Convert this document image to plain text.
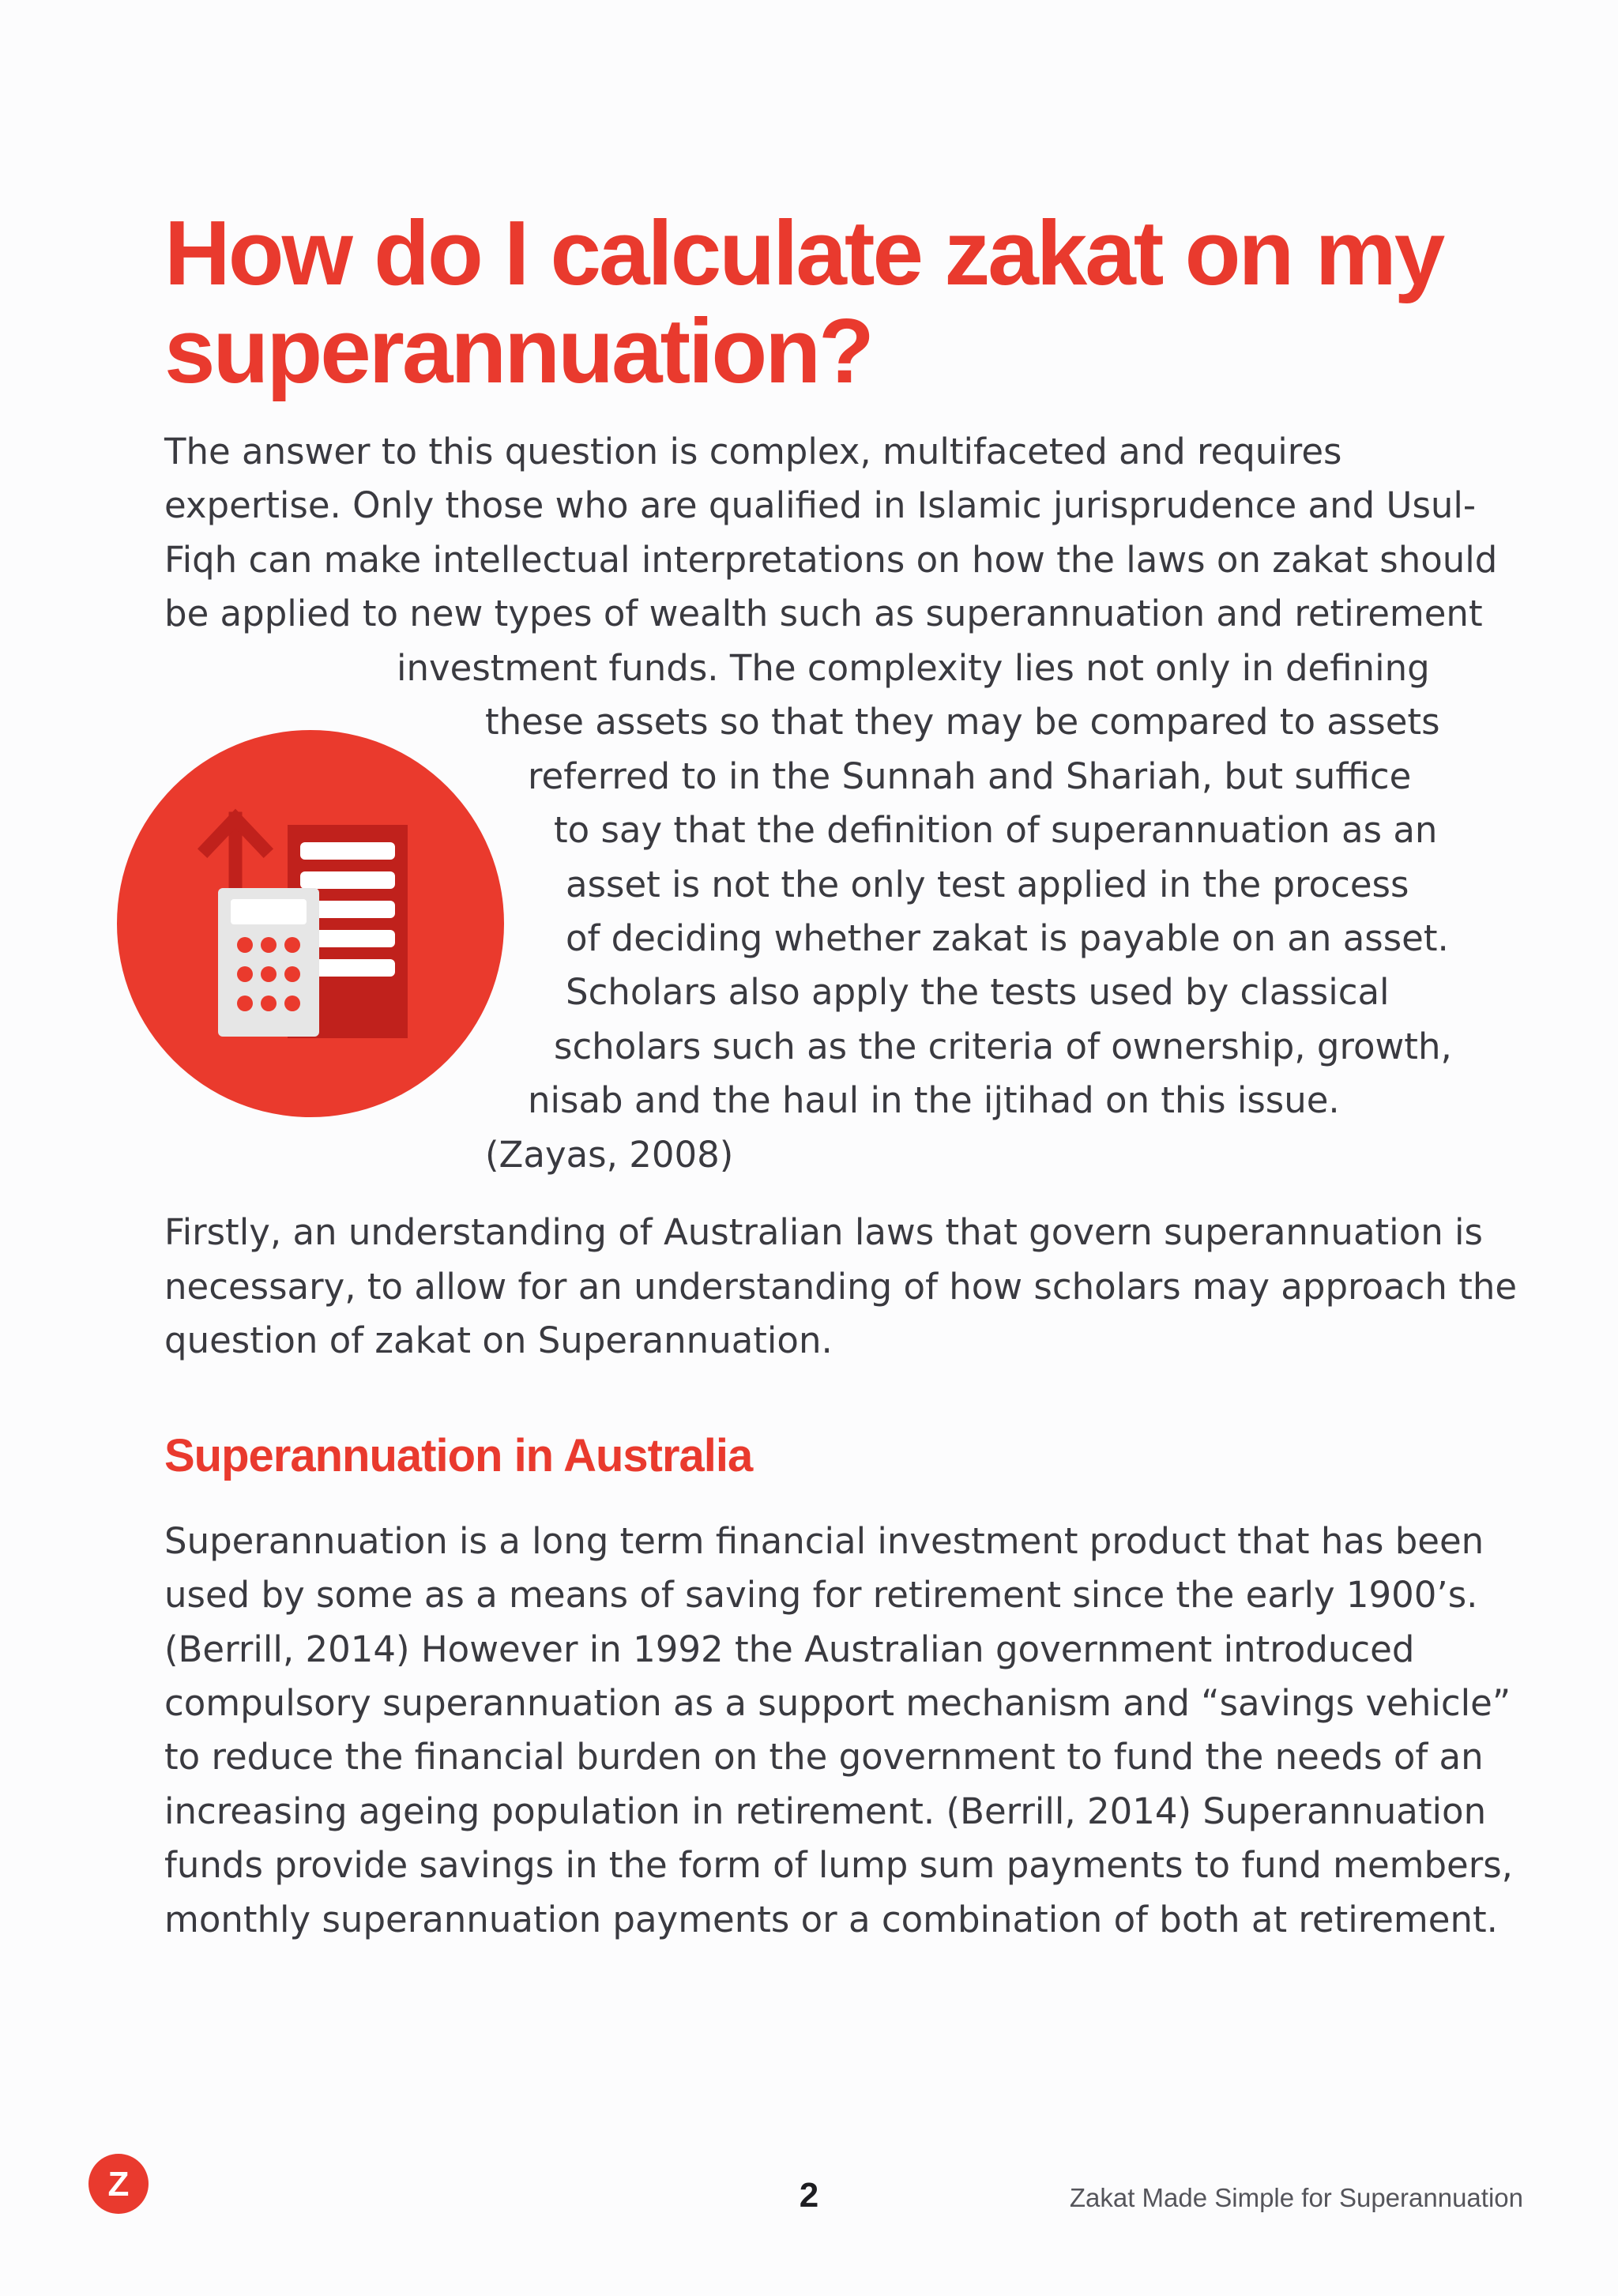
How do I calculate zakat on my
superannuation?
The answer to this question is complex, multifaceted and requires
expertise. Only those who are qualified in Islamic jurisprudence and Usul-
Fiqh can make intellectual interpretations on how the laws on zakat should
be applied to new types of wealth such as superannuation and retirement
investment funds. The complexity lies not only in defining
these assets so that they may be compared to assets
referred to in the Sunnah and Shariah, but suffice
to say that the definition of superannuation as an
asset is not the only test applied in the process
of deciding whether zakat is payable on an asset.
Scholars also apply the tests used by classical
scholars such as the criteria of ownership, growth,
nisab and the haul in the ijtihad on this issue.
(Zayas, 2008)
Firstly, an understanding of Australian laws that govern superannuation is
necessary, to allow for an understanding of how scholars may approach the
question of zakat on Superannuation.
Superannuation in Australia
Superannuation is a long term financial investment product that has been
used by some as a means of saving for retirement since the early 1900’s.
(Berrill, 2014) However in 1992 the Australian government introduced
compulsory superannuation as a support mechanism and “savings vehicle”
to reduce the financial burden on the government to fund the needs of an
increasing ageing population in retirement. (Berrill, 2014) Superannuation
funds provide savings in the form of lump sum payments to fund members,
monthly superannuation payments or a combination of both at retirement.
Z	2	Zakat Made Simple for Superannuation
